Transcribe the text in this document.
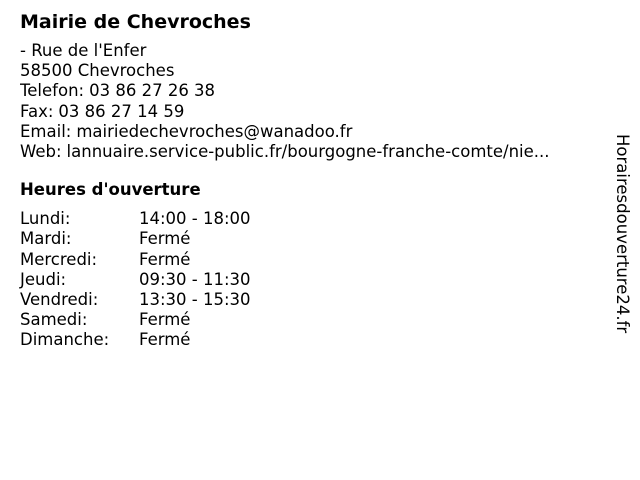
Mairie de Chevroches
- Rue de l'Enfer
58500 Chevroches
Telefon: 03 86 27 26 38
Fax: 03 86 27 14 59
Email: mairiedechevroches@wanadoo.fr
Web: lannuaire.service-public.fr/bourgogne-franche-comte/nie...
Heures d'ouverture
Lundi:	14:00 - 18:00
Mardi:	Fermé
Mercredi:	Fermé
Jeudi:	09:30 - 11:30
Vendredi:	13:30 - 15:30
Samedi:	Fermé
Dimanche:	Fermé
Horairesdouverture24.fr
